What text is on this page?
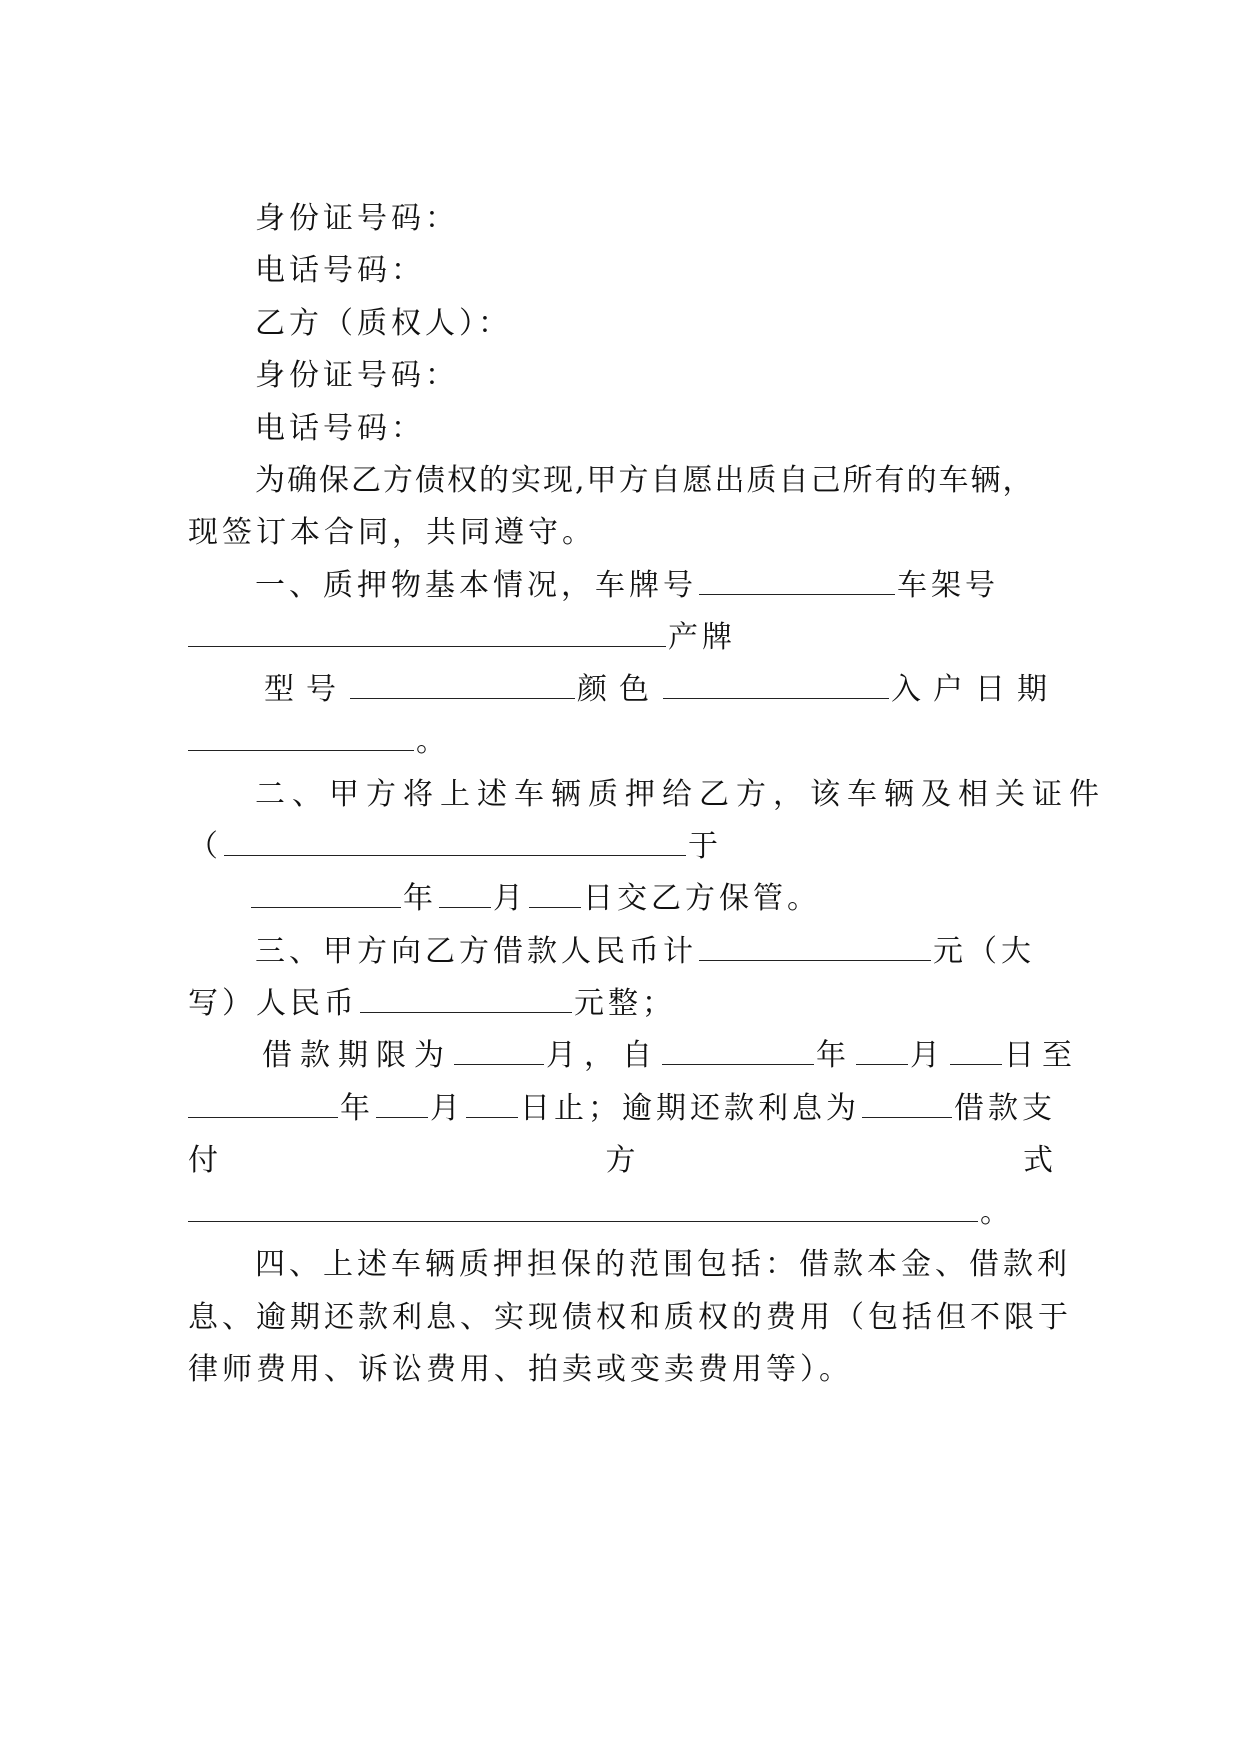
身份证号码：
电话号码：
乙方（质权人）：
身份证号码：
电话号码：
为确保乙方债权的实现,甲方自愿出质自己所有的车辆，
现签订本合同，共同遵守。
一、质押物基本情况，车牌号	车架号
产牌
型号	颜色	入户日期
。
二、甲方将上述车辆质押给乙方，该车辆及相关证件
（	于
年 月 日交乙方保管。
三、甲方向乙方借款人民币计	元（大
写）人民币	元整；
借款期限为	月，自	年 月 日至
年 月 日止；逾期还款利息为	借款支
付	方	式
。
四、上述车辆质押担保的范围包括：借款本金、借款利
息、逾期还款利息、实现债权和质权的费用（包括但不限于
律师费用、诉讼费用、拍卖或变卖费用等）。
